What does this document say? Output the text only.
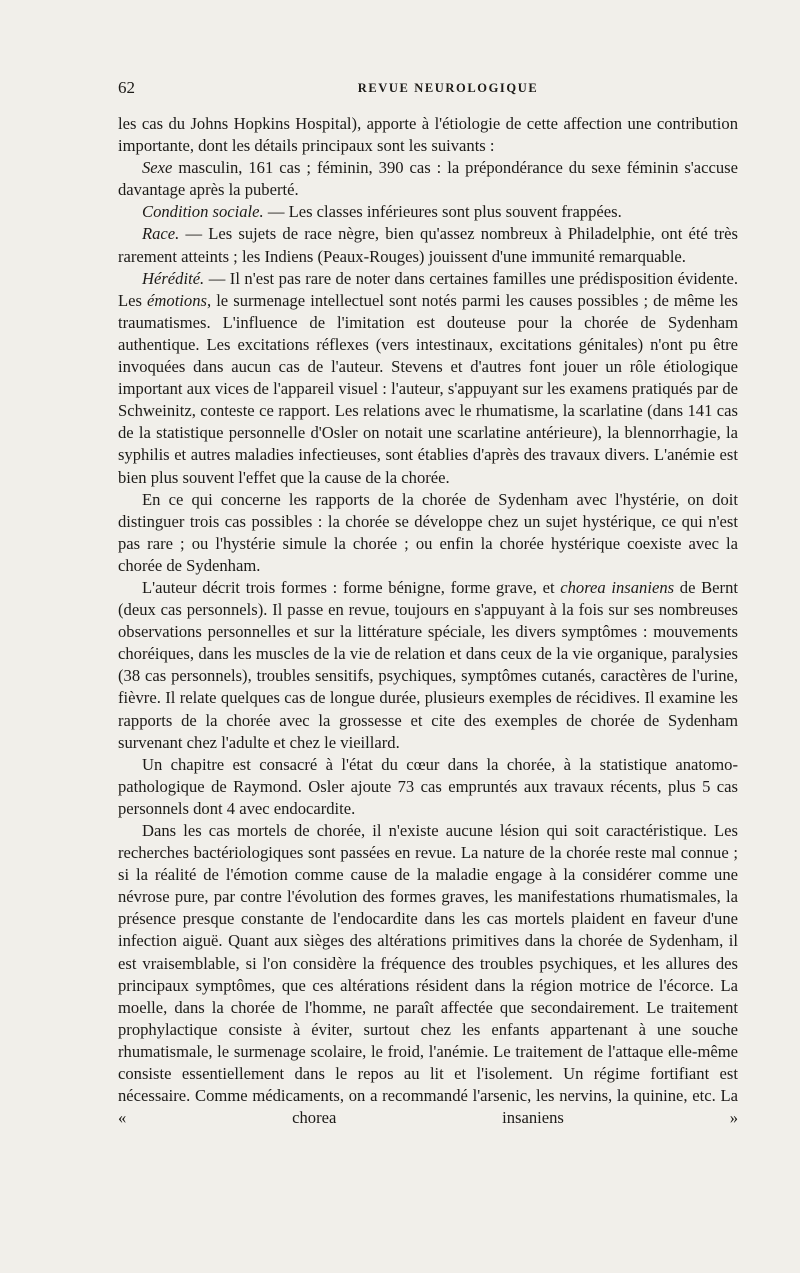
62	REVUE NEUROLOGIQUE

les cas du Johns Hopkins Hospital), apporte à l'étiologie de cette affection une contribution importante, dont les détails principaux sont les suivants :

Sexe masculin, 161 cas ; féminin, 390 cas : la prépondérance du sexe féminin s'accuse davantage après la puberté.

Condition sociale. — Les classes inférieures sont plus souvent frappées.

Race. — Les sujets de race nègre, bien qu'assez nombreux à Philadelphie, ont été très rarement atteints ; les Indiens (Peaux-Rouges) jouissent d'une immunité remarquable.

Hérédité. — Il n'est pas rare de noter dans certaines familles une prédisposition évidente. Les émotions, le surmenage intellectuel sont notés parmi les causes possibles ; de même les traumatismes. L'influence de l'imitation est douteuse pour la chorée de Sydenham authentique. Les excitations réflexes (vers intestinaux, excitations génitales) n'ont pu être invoquées dans aucun cas de l'auteur. Stevens et d'autres font jouer un rôle étiologique important aux vices de l'appareil visuel : l'auteur, s'appuyant sur les examens pratiqués par de Schweinitz, conteste ce rapport. Les relations avec le rhumatisme, la scarlatine (dans 141 cas de la statistique personnelle d'Osler on notait une scarlatine antérieure), la blennorrhagie, la syphilis et autres maladies infectieuses, sont établies d'après des travaux divers. L'anémie est bien plus souvent l'effet que la cause de la chorée.

En ce qui concerne les rapports de la chorée de Sydenham avec l'hystérie, on doit distinguer trois cas possibles : la chorée se développe chez un sujet hystérique, ce qui n'est pas rare ; ou l'hystérie simule la chorée ; ou enfin la chorée hystérique coexiste avec la chorée de Sydenham.

L'auteur décrit trois formes : forme bénigne, forme grave, et chorea insaniens de Bernt (deux cas personnels). Il passe en revue, toujours en s'appuyant à la fois sur ses nombreuses observations personnelles et sur la littérature spéciale, les divers symptômes : mouvements choréiques, dans les muscles de la vie de relation et dans ceux de la vie organique, paralysies (38 cas personnels), troubles sensitifs, psychiques, symptômes cutanés, caractères de l'urine, fièvre. Il relate quelques cas de longue durée, plusieurs exemples de récidives. Il examine les rapports de la chorée avec la grossesse et cite des exemples de chorée de Sydenham survenant chez l'adulte et chez le vieillard.

Un chapitre est consacré à l'état du cœur dans la chorée, à la statistique anatomo-pathologique de Raymond. Osler ajoute 73 cas empruntés aux travaux récents, plus 5 cas personnels dont 4 avec endocardite.

Dans les cas mortels de chorée, il n'existe aucune lésion qui soit caractéristique. Les recherches bactériologiques sont passées en revue. La nature de la chorée reste mal connue ; si la réalité de l'émotion comme cause de la maladie engage à la considérer comme une névrose pure, par contre l'évolution des formes graves, les manifestations rhumatismales, la présence presque constante de l'endocardite dans les cas mortels plaident en faveur d'une infection aiguë. Quant aux sièges des altérations primitives dans la chorée de Sydenham, il est vraisemblable, si l'on considère la fréquence des troubles psychiques, et les allures des principaux symptômes, que ces altérations résident dans la région motrice de l'écorce. La moelle, dans la chorée de l'homme, ne paraît affectée que secondairement. Le traitement prophylactique consiste à éviter, surtout chez les enfants appartenant à une souche rhumatismale, le surmenage scolaire, le froid, l'anémie. Le traitement de l'attaque elle-même consiste essentiellement dans le repos au lit et l'isolement. Un régime fortifiant est nécessaire. Comme médicaments, on a recommandé l'arsenic, les nervins, la quinine, etc. La « chorea insaniens »
